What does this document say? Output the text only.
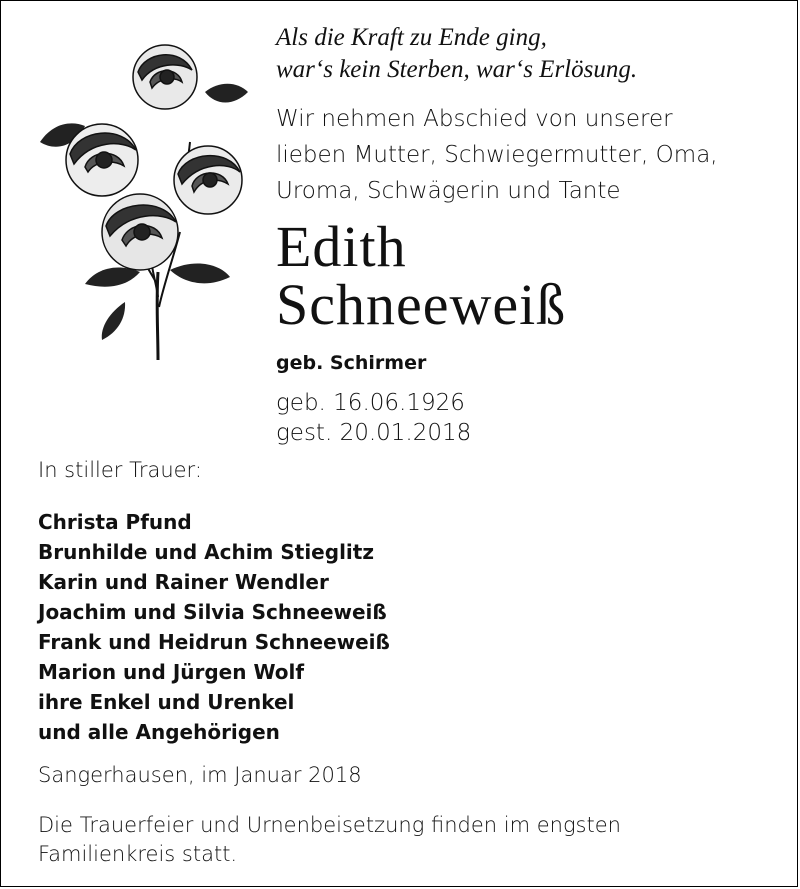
Als die Kraft zu Ende ging,
war‘s kein Sterben, war‘s Erlösung.
Wir nehmen Abschied von unserer
lieben Mutter, Schwiegermutter, Oma,
Uroma, Schwägerin und Tante
Edith
Schneeweiß
geb. Schirmer
geb. 16.06.1926
gest. 20.01.2018
In stiller Trauer:
Christa Pfund
Brunhilde und Achim Stieglitz
Karin und Rainer Wendler
Joachim und Silvia Schneeweiß
Frank und Heidrun Schneeweiß
Marion und Jürgen Wolf
ihre Enkel und Urenkel
und alle Angehörigen
Sangerhausen, im Januar 2018
Die Trauerfeier und Urnenbeisetzung finden im engsten
Familienkreis statt.
